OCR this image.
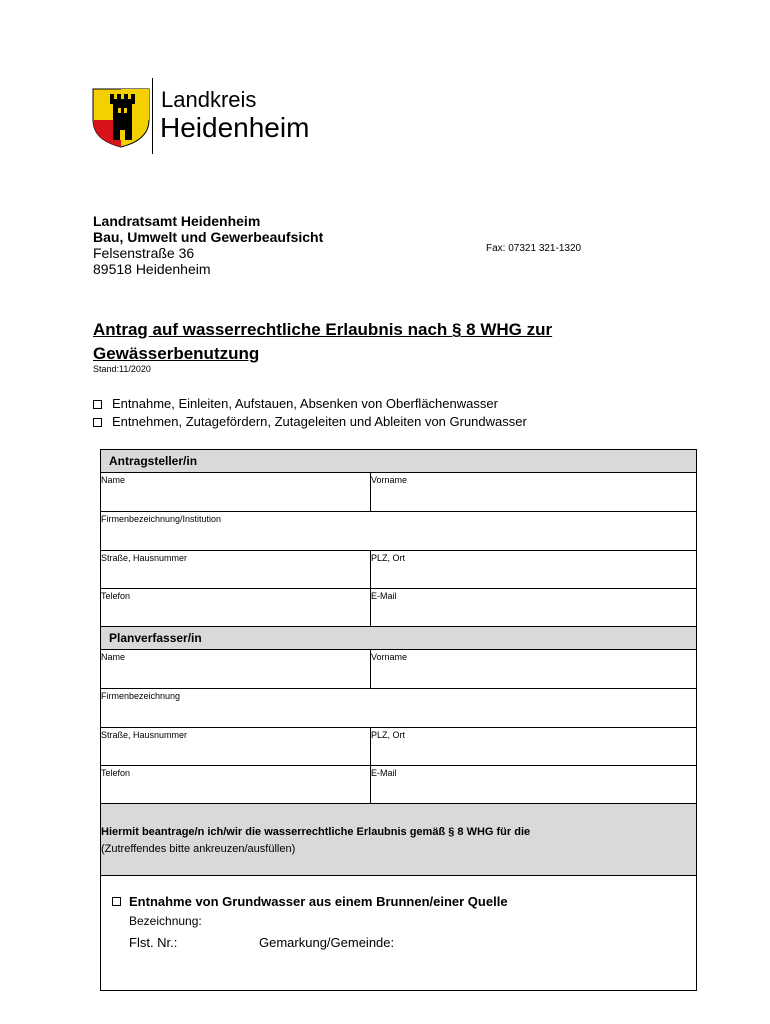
Landkreis
Heidenheim
Landratsamt Heidenheim
Bau, Umwelt und Gewerbeaufsicht
Felsenstraße 36
89518 Heidenheim
Fax: 07321 321-1320
Antrag auf wasserrechtliche Erlaubnis nach § 8 WHG zur Gewässerbenutzung
Stand:11/2020
Entnahme, Einleiten, Aufstauen, Absenken von Oberflächenwasser
Entnehmen, Zutagefördern, Zutageleiten und Ableiten von Grundwasser
Antragsteller/in
Name	Vorname
Firmenbezeichnung/Institution
Straße, Hausnummer	PLZ, Ort
Telefon	E-Mail
Planverfasser/in
Name	Vorname
Firmenbezeichnung
Straße, Hausnummer	PLZ, Ort
Telefon	E-Mail
Hiermit beantrage/n ich/wir die wasserrechtliche Erlaubnis gemäß § 8 WHG für die
(Zutreffendes bitte ankreuzen/ausfüllen)
Entnahme von Grundwasser aus einem Brunnen/einer Quelle
Bezeichnung:
Flst. Nr.:	Gemarkung/Gemeinde:
